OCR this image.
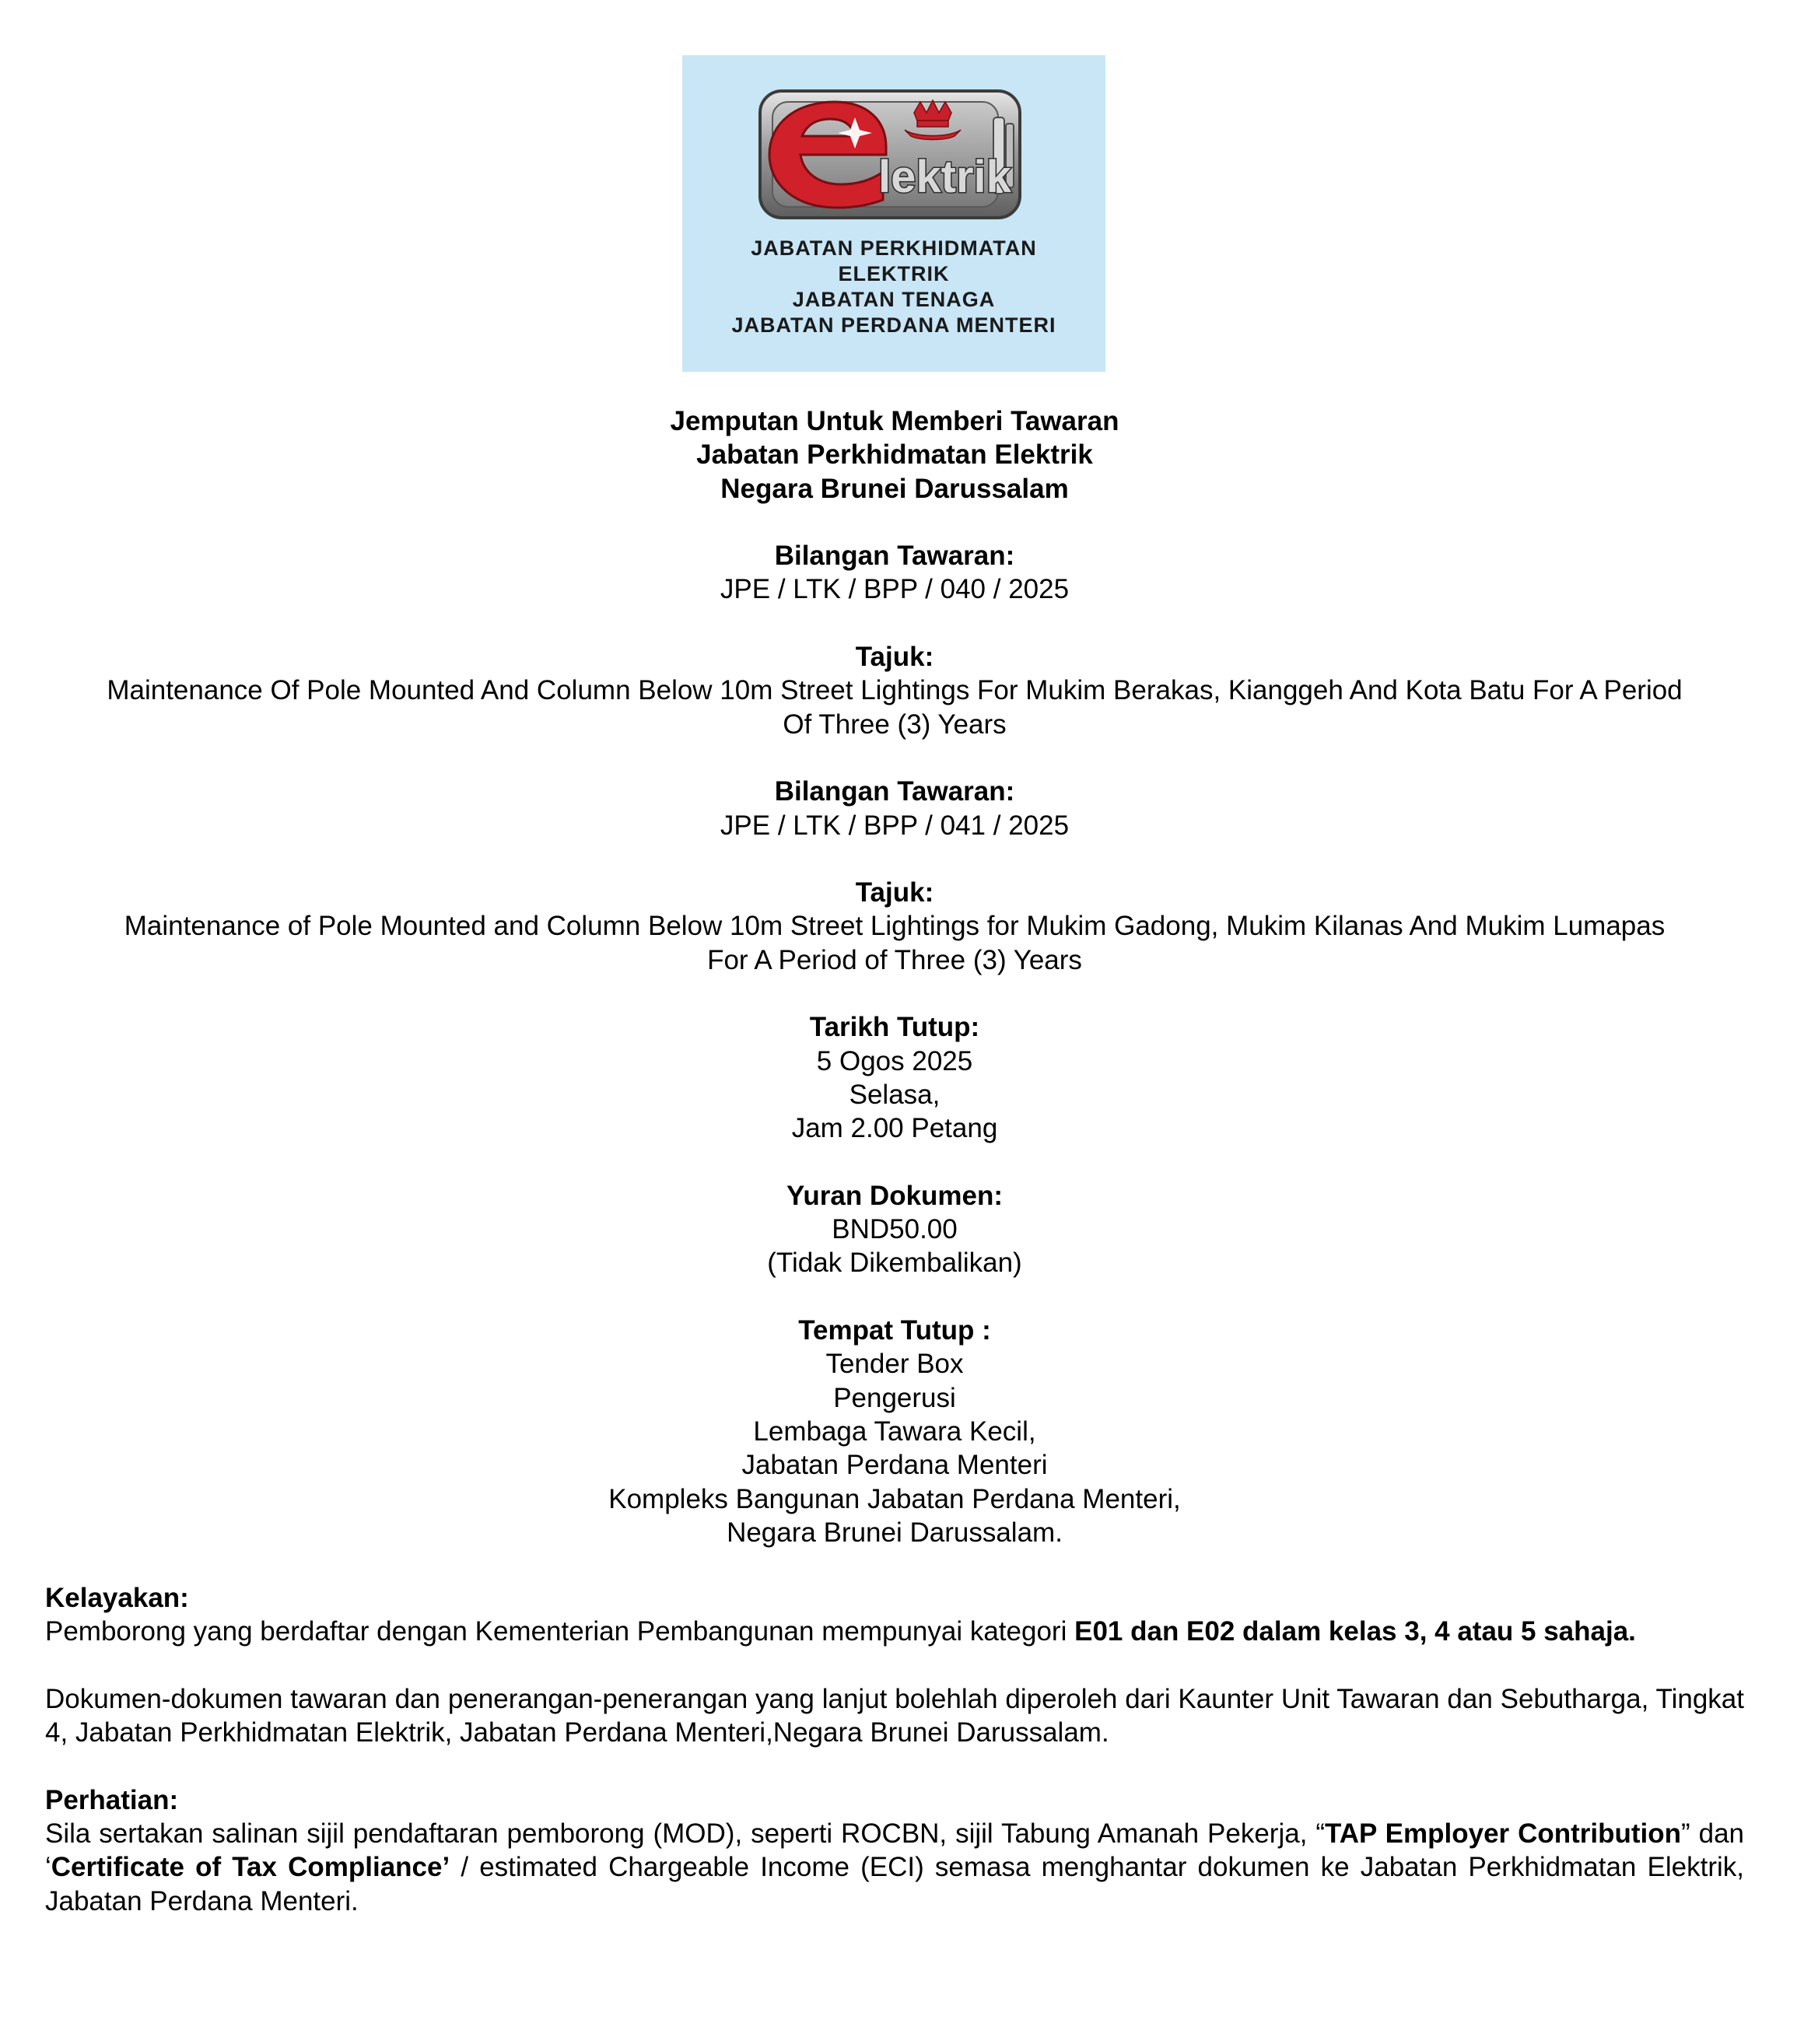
lektrik
JABATAN PERKHIDMATAN
ELEKTRIK
JABATAN TENAGA
JABATAN PERDANA MENTERI
Jemputan Untuk Memberi Tawaran
Jabatan Perkhidmatan Elektrik
Negara Brunei Darussalam
Bilangan Tawaran:
JPE / LTK / BPP / 040 / 2025
Tajuk:
Maintenance Of Pole Mounted And Column Below 10m Street Lightings For Mukim Berakas, Kianggeh And Kota Batu For A Period
Of Three (3) Years
Bilangan Tawaran:
JPE / LTK / BPP / 041 / 2025
Tajuk:
Maintenance of Pole Mounted and Column Below 10m Street Lightings for Mukim Gadong, Mukim Kilanas And Mukim Lumapas
For A Period of Three (3) Years
Tarikh Tutup:
5 Ogos 2025
Selasa,
Jam 2.00 Petang
Yuran Dokumen:
BND50.00
(Tidak Dikembalikan)
Tempat Tutup :
Tender Box
Pengerusi
Lembaga Tawara Kecil,
Jabatan Perdana Menteri
Kompleks Bangunan Jabatan Perdana Menteri,
Negara Brunei Darussalam.
Kelayakan:
Pemborong yang berdaftar dengan Kementerian Pembangunan mempunyai kategori E01 dan E02 dalam kelas 3, 4 atau 5 sahaja.
Dokumen-dokumen tawaran dan penerangan-penerangan yang lanjut bolehlah diperoleh dari Kaunter Unit Tawaran dan Sebutharga, Tingkat 4, Jabatan Perkhidmatan Elektrik, Jabatan Perdana Menteri,Negara Brunei Darussalam.
Perhatian:
Sila sertakan salinan sijil pendaftaran pemborong (MOD), seperti ROCBN, sijil Tabung Amanah Pekerja, “TAP Employer Contribution” dan ‘Certificate of Tax Compliance’ / estimated Chargeable Income (ECI) semasa menghantar dokumen ke Jabatan Perkhidmatan Elektrik, Jabatan Perdana Menteri.
